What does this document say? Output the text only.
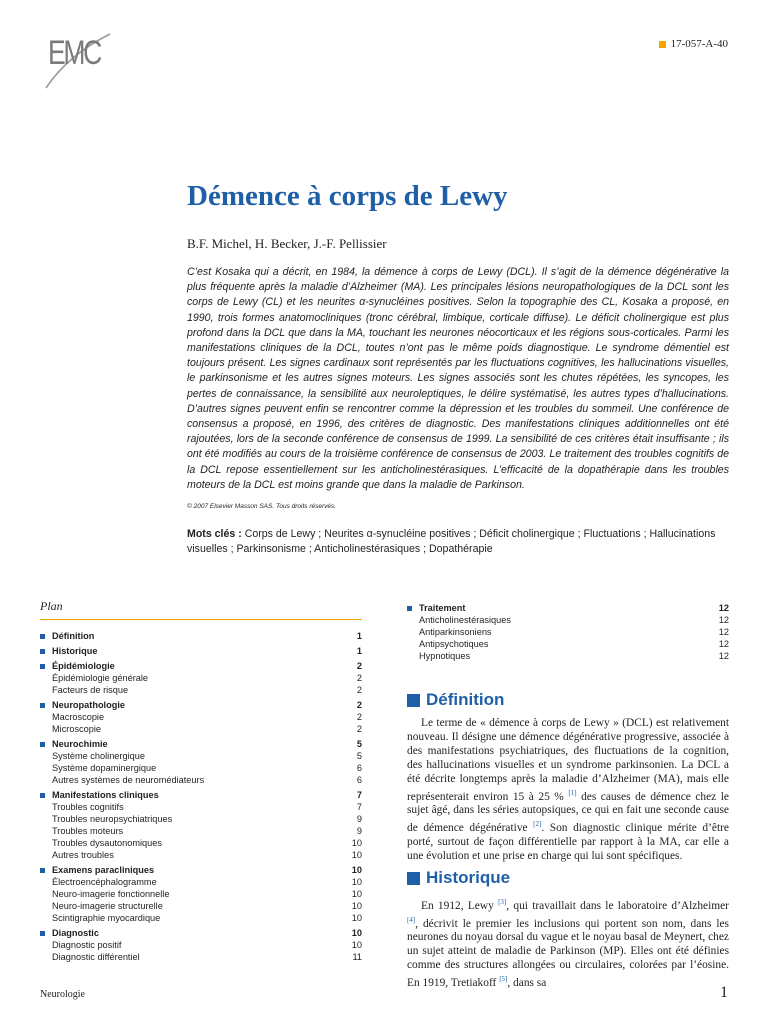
EMC	17-057-A-40
Démence à corps de Lewy
B.F. Michel, H. Becker, J.-F. Pellissier
C’est Kosaka qui a décrit, en 1984, la démence à corps de Lewy (DCL). Il s’agit de la démence dégénérative la plus fréquente après la maladie d’Alzheimer (MA). Les principales lésions neuropathologiques de la DCL sont les corps de Lewy (CL) et les neurites α-synucléines positives. Selon la topographie des CL, Kosaka a proposé, en 1990, trois formes anatomocliniques (tronc cérébral, limbique, corticale diffuse). Le déficit cholinergique est plus profond dans la DCL que dans la MA, touchant les neurones néocorticaux et les régions sous-corticales. Parmi les manifestations cliniques de la DCL, toutes n’ont pas le même poids diagnostique. Le syndrome démentiel est toujours présent. Les signes cardinaux sont représentés par les fluctuations cognitives, les hallucinations visuelles, le parkinsonisme et les autres signes moteurs. Les signes associés sont les chutes répétées, les syncopes, les pertes de connaissance, la sensibilité aux neuroleptiques, le délire systématisé, les autres types d’hallucinations. D’autres signes peuvent enfin se rencontrer comme la dépression et les troubles du sommeil. Une conférence de consensus a proposé, en 1996, des critères de diagnostic. Des manifestations cliniques additionnelles ont été rajoutées, lors de la seconde conférence de consensus de 1999. La sensibilité de ces critères était insuffisante ; ils ont été modifiés au cours de la troisième conférence de consensus de 2003. Le traitement des troubles cognitifs de la DCL repose essentiellement sur les anticholinestérasiques. L’efficacité de la dopathérapie dans les troubles moteurs de la DCL est moins grande que dans la maladie de Parkinson.
© 2007 Elsevier Masson SAS. Tous droits réservés.
Mots clés : Corps de Lewy ; Neurites α-synucléine positives ; Déficit cholinergique ; Fluctuations ; Hallucinations visuelles ; Parkinsonisme ; Anticholinestérasiques ; Dopathérapie
Plan
Définition	1
Historique	1
Épidémiologie	2
Épidémiologie générale	2
Facteurs de risque	2
Neuropathologie	2
Macroscopie	2
Microscopie	2
Neurochimie	5
Système cholinergique	5
Système dopaminergique	6
Autres systèmes de neuromédiateurs	6
Manifestations cliniques	7
Troubles cognitifs	7
Troubles neuropsychiatriques	9
Troubles moteurs	9
Troubles dysautonomiques	10
Autres troubles	10
Examens paracliniques	10
Électroencéphalogramme	10
Neuro-imagerie fonctionnelle	10
Neuro-imagerie structurelle	10
Scintigraphie myocardique	10
Diagnostic	10
Diagnostic positif	10
Diagnostic différentiel	11
Traitement	12
Anticholinestérasiques	12
Antiparkinsoniens	12
Antipsychotiques	12
Hypnotiques	12
Définition

Le terme de « démence à corps de Lewy » (DCL) est relativement nouveau. Il désigne une démence dégénérative progressive, associée à des manifestations psychiatriques, des fluctuations de la cognition, des hallucinations visuelles et un syndrome parkinsonien. La DCL a été décrite longtemps après la maladie d’Alzheimer (MA), mais elle représenterait environ 15 à 25 % [1] des causes de démence chez le sujet âgé, dans les séries autopsiques, ce qui en fait une seconde cause de démence dégénérative [2]. Son diagnostic clinique mérite d’être porté, surtout de façon différentielle par rapport à la MA, car elle a une évolution et une prise en charge qui lui sont spécifiques.

Historique

En 1912, Lewy [3], qui travaillait dans le laboratoire d’Alzheimer [4], décrivit le premier les inclusions qui portent son nom, dans les neurones du noyau dorsal du vague et le noyau basal de Meynert, chez un sujet atteint de maladie de Parkinson (MP). Elles ont été définies comme des structures allongées ou circulaires, colorées par l’éosine. En 1919, Tretiakoff [5], dans sa

Neurologie	1
